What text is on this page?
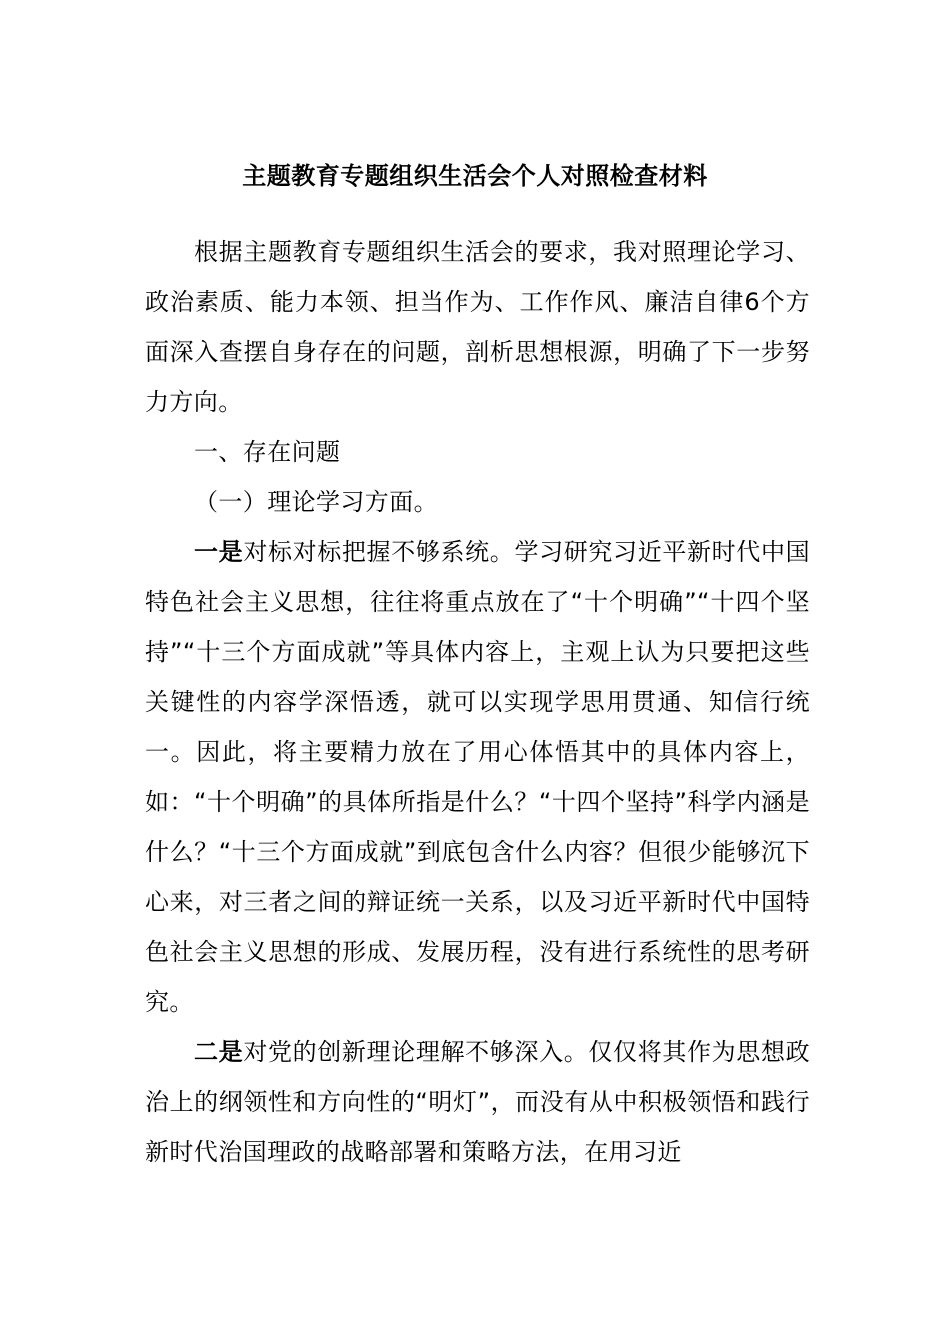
主题教育专题组织生活会个人对照检查材料

根据主题教育专题组织生活会的要求，我对照理论学习、政治素质、能力本领、担当作为、工作作风、廉洁自律6个方面深入查摆自身存在的问题，剖析思想根源，明确了下一步努力方向。

一、存在问题

（一）理论学习方面。

一是对标对标把握不够系统。学习研究习近平新时代中国特色社会主义思想，往往将重点放在了“十个明确”“十四个坚持”“十三个方面成就”等具体内容上，主观上认为只要把这些关键性的内容学深悟透，就可以实现学思用贯通、知信行统一。因此，将主要精力放在了用心体悟其中的具体内容上，如：“十个明确”的具体所指是什么？“十四个坚持”科学内涵是什么？“十三个方面成就”到底包含什么内容？但很少能够沉下心来，对三者之间的辩证统一关系，以及习近平新时代中国特色社会主义思想的形成、发展历程，没有进行系统性的思考研究。

二是对党的创新理论理解不够深入。仅仅将其作为思想政治上的纲领性和方向性的“明灯”，而没有从中积极领悟和践行新时代治国理政的战略部署和策略方法，在用习近
